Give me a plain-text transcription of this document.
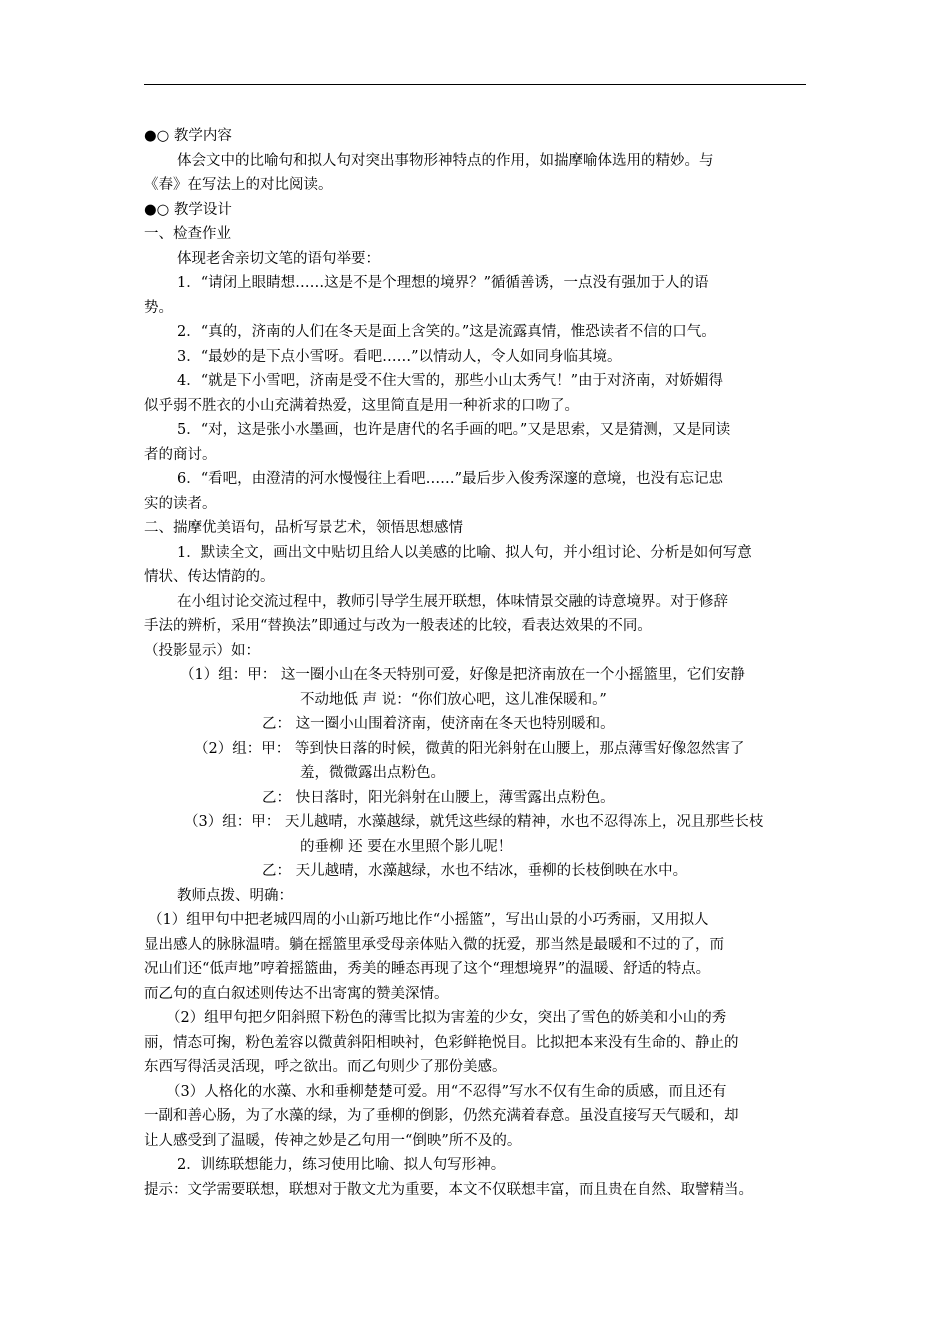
●○ 教学内容
体会文中的比喻句和拟人句对突出事物形神特点的作用，如揣摩喻体选用的精妙。与
《春》在写法上的对比阅读。
●○ 教学设计
一、检查作业
体现老舍亲切文笔的语句举要：
1．“请闭上眼睛想……这是不是个理想的境界？”循循善诱，一点没有强加于人的语
势。
2．“真的，济南的人们在冬天是面上含笑的。”这是流露真情，惟恐读者不信的口气。
3．“最妙的是下点小雪呀。看吧……”以情动人，令人如同身临其境。
4．“就是下小雪吧，济南是受不住大雪的，那些小山太秀气！”由于对济南，对娇媚得
似乎弱不胜衣的小山充满着热爱，这里简直是用一种祈求的口吻了。
5．“对，这是张小水墨画，也许是唐代的名手画的吧。”又是思索，又是猜测，又是同读
者的商讨。
6．“看吧，由澄清的河水慢慢往上看吧……”最后步入俊秀深邃的意境，也没有忘记忠
实的读者。
二、揣摩优美语句，品析写景艺术，领悟思想感情
1．默读全文，画出文中贴切且给人以美感的比喻、拟人句，并小组讨论、分析是如何写意
情状、传达情韵的。
在小组讨论交流过程中，教师引导学生展开联想，体味情景交融的诗意境界。对于修辞
手法的辨析，采用“替换法”即通过与改为一般表述的比较，看表达效果的不同。
（投影显示）如：
（1）组：甲： 这一圈小山在冬天特别可爱，好像是把济南放在一个小摇篮里，它们安静
不动地低 声 说：“你们放心吧，这儿准保暖和。”
乙： 这一圈小山围着济南，使济南在冬天也特别暖和。
（2）组：甲： 等到快日落的时候，微黄的阳光斜射在山腰上，那点薄雪好像忽然害了
羞，微微露出点粉色。
乙： 快日落时，阳光斜射在山腰上，薄雪露出点粉色。
（3）组：甲： 天儿越晴，水藻越绿，就凭这些绿的精神，水也不忍得冻上，况且那些长枝
的垂柳 还 要在水里照个影儿呢！
乙： 天儿越晴，水藻越绿，水也不结冰，垂柳的长枝倒映在水中。
教师点拨、明确：
（1）组甲句中把老城四周的小山新巧地比作“小摇篮”，写出山景的小巧秀丽，又用拟人
显出感人的脉脉温晴。躺在摇篮里承受母亲体贴入微的抚爱，那当然是最暖和不过的了，而
况山们还“低声地”哼着摇篮曲，秀美的睡态再现了这个“理想境界”的温暖、舒适的特点。
而乙句的直白叙述则传达不出寄寓的赞美深情。
（2）组甲句把夕阳斜照下粉色的薄雪比拟为害羞的少女，突出了雪色的娇美和小山的秀
丽，情态可掬，粉色羞容以微黄斜阳相映衬，色彩鲜艳悦目。比拟把本来没有生命的、静止的
东西写得活灵活现，呼之欲出。而乙句则少了那份美感。
（3）人格化的水藻、水和垂柳楚楚可爱。用“不忍得”写水不仅有生命的质感，而且还有
一副和善心肠，为了水藻的绿，为了垂柳的倒影，仍然充满着春意。虽没直接写天气暖和，却
让人感受到了温暖，传神之妙是乙句用一“倒映”所不及的。
2．训练联想能力，练习使用比喻、拟人句写形神。
提示：文学需要联想，联想对于散文尤为重要，本文不仅联想丰富，而且贵在自然、取譬精当。
